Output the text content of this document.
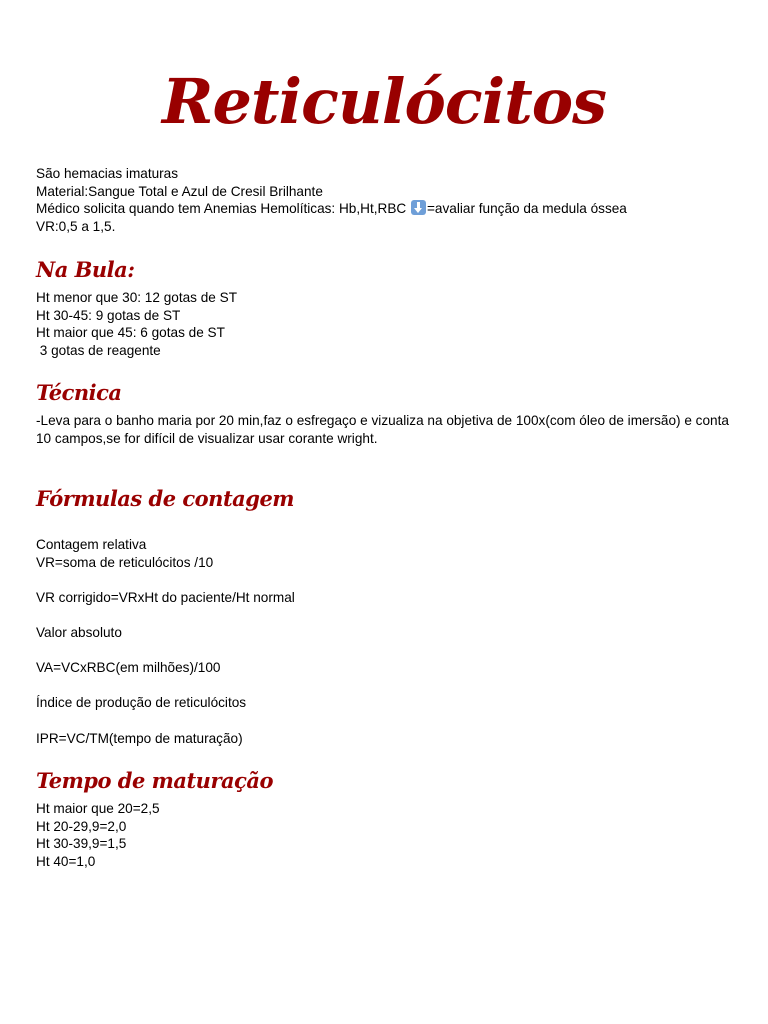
Reticulócitos

São hemacias imaturas

Material:Sangue Total e Azul de Cresil Brilhante

Médico solicita quando tem Anemias Hemolíticas: Hb,Ht,RBC =avaliar função da medula óssea

VR:0,5 a 1,5.

Na Bula:

Ht menor que 30: 12 gotas de ST

Ht 30-45: 9 gotas de ST

Ht maior que 45: 6 gotas de ST

3 gotas de reagente

Técnica

-Leva para o banho maria por 20 min,faz o esfregaço e vizualiza na objetiva de 100x(com óleo de imersão) e conta 10 campos,se for difícil de visualizar usar corante wright.

Fórmulas de contagem

Contagem relativa

VR=soma de reticulócitos /10

VR corrigido=VRxHt do paciente/Ht normal

Valor absoluto

VA=VCxRBC(em milhões)/100

Índice de produção de reticulócitos

IPR=VC/TM(tempo de maturação)

Tempo de maturação

Ht maior que 20=2,5

Ht 20-29,9=2,0

Ht 30-39,9=1,5

Ht 40=1,0
